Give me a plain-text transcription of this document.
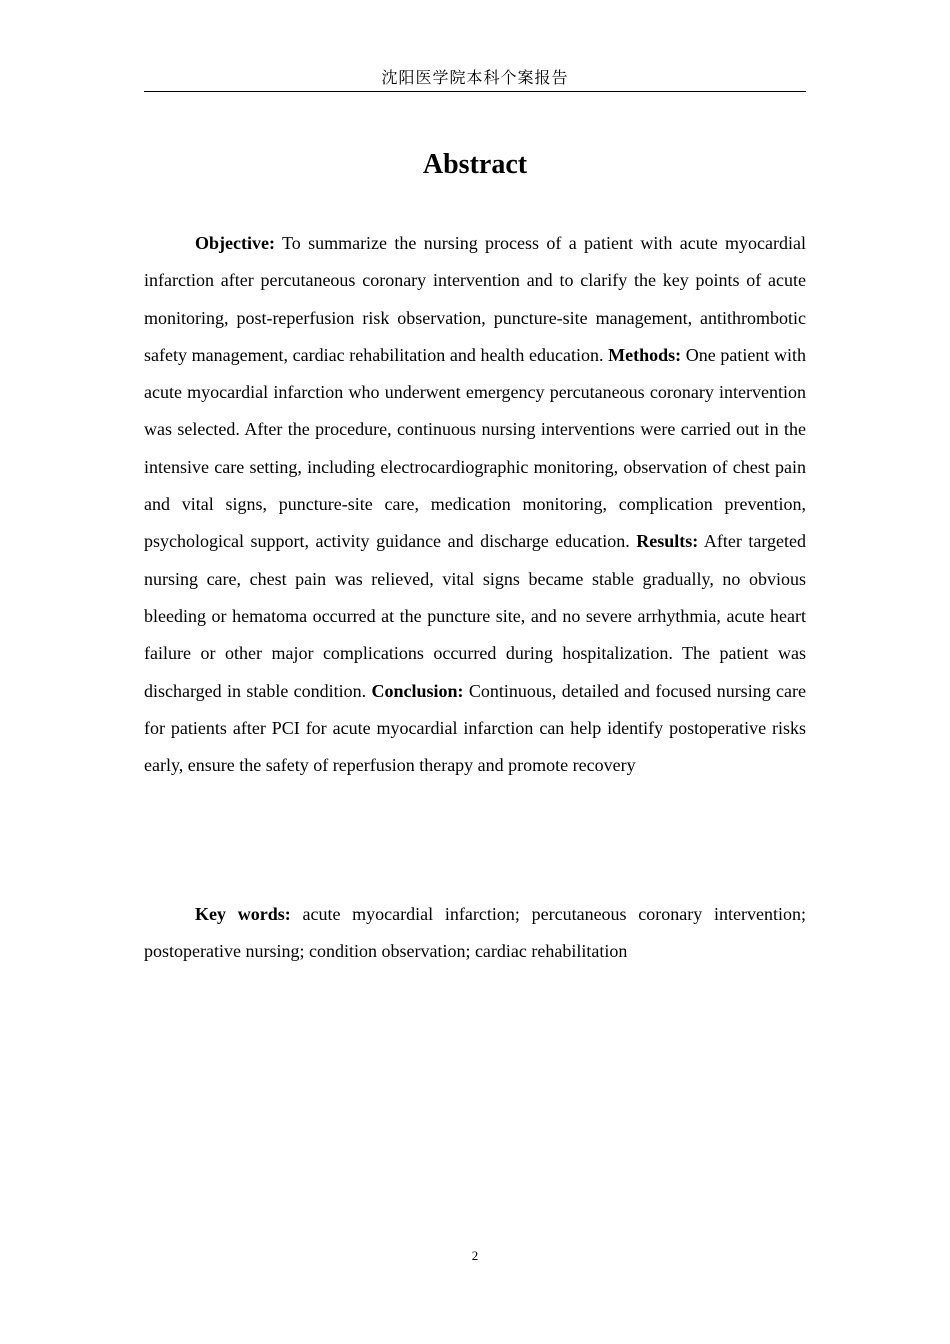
沈阳医学院本科个案报告
Abstract

Objective: To summarize the nursing process of a patient with acute myocardial infarction after percutaneous coronary intervention and to clarify the key points of acute monitoring, post-reperfusion risk observation, puncture-site management, antithrombotic safety management, cardiac rehabilitation and health education. Methods: One patient with acute myocardial infarction who underwent emergency percutaneous coronary intervention was selected. After the procedure, continuous nursing interventions were carried out in the intensive care setting, including electrocardiographic monitoring, observation of chest pain and vital signs, puncture-site care, medication monitoring, complication prevention, psychological support, activity guidance and discharge education. Results: After targeted nursing care, chest pain was relieved, vital signs became stable gradually, no obvious bleeding or hematoma occurred at the puncture site, and no severe arrhythmia, acute heart failure or other major complications occurred during hospitalization. The patient was discharged in stable condition. Conclusion: Continuous, detailed and focused nursing care for patients after PCI for acute myocardial infarction can help identify postoperative risks early, ensure the safety of reperfusion therapy and promote recovery

Key words: acute myocardial infarction; percutaneous coronary intervention; postoperative nursing; condition observation; cardiac rehabilitation

2
